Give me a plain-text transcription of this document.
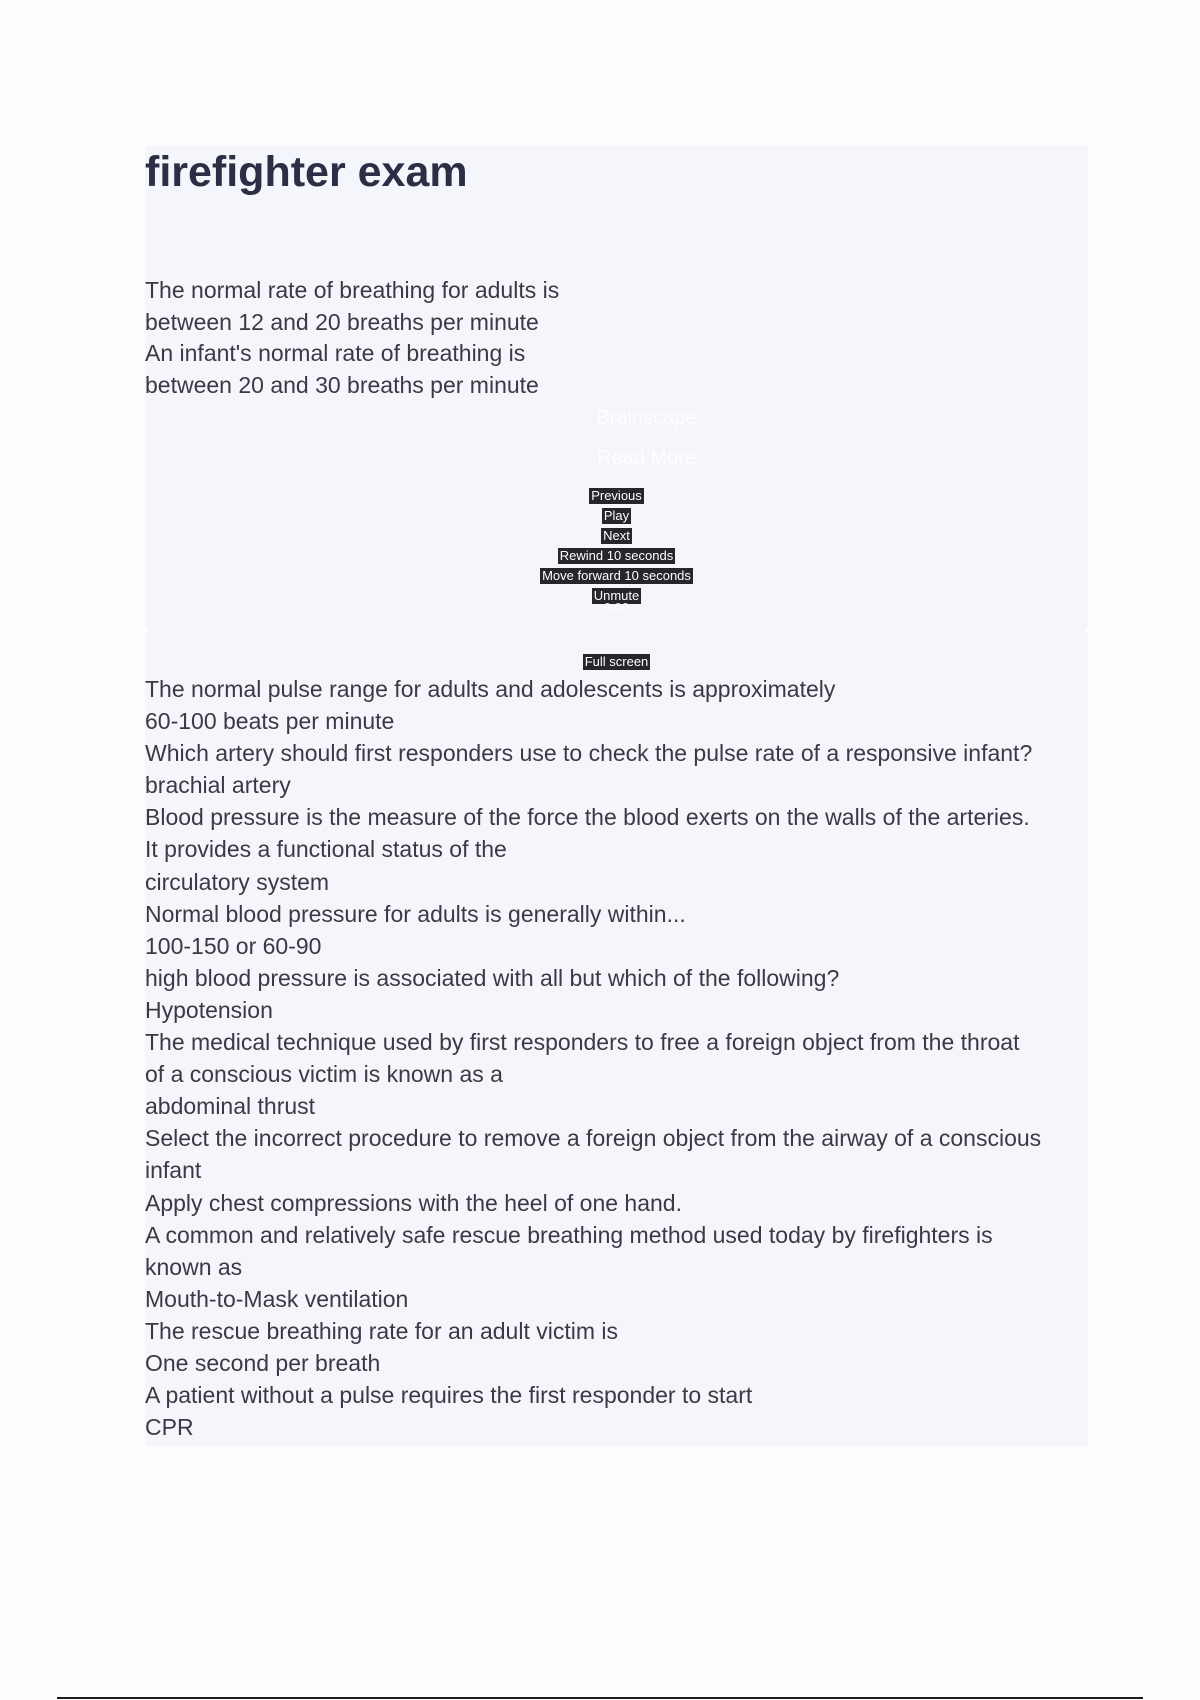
firefighter exam
The normal rate of breathing for adults is
between 12 and 20 breaths per minute
An infant's normal rate of breathing is
between 20 and 30 breaths per minute
Brainscape
Read More
Previous
Play
Next
Rewind 10 seconds
Move forward 10 seconds
Unmute
0:00
Full screen
The normal pulse range for adults and adolescents is approximately
60-100 beats per minute
Which artery should first responders use to check the pulse rate of a responsive infant?
brachial artery
Blood pressure is the measure of the force the blood exerts on the walls of the arteries.
It provides a functional status of the
circulatory system
Normal blood pressure for adults is generally within...
100-150 or 60-90
high blood pressure is associated with all but which of the following?
Hypotension
The medical technique used by first responders to free a foreign object from the throat
of a conscious victim is known as a
abdominal thrust
Select the incorrect procedure to remove a foreign object from the airway of a conscious
infant
Apply chest compressions with the heel of one hand.
A common and relatively safe rescue breathing method used today by firefighters is
known as
Mouth-to-Mask ventilation
The rescue breathing rate for an adult victim is
One second per breath
A patient without a pulse requires the first responder to start
CPR
